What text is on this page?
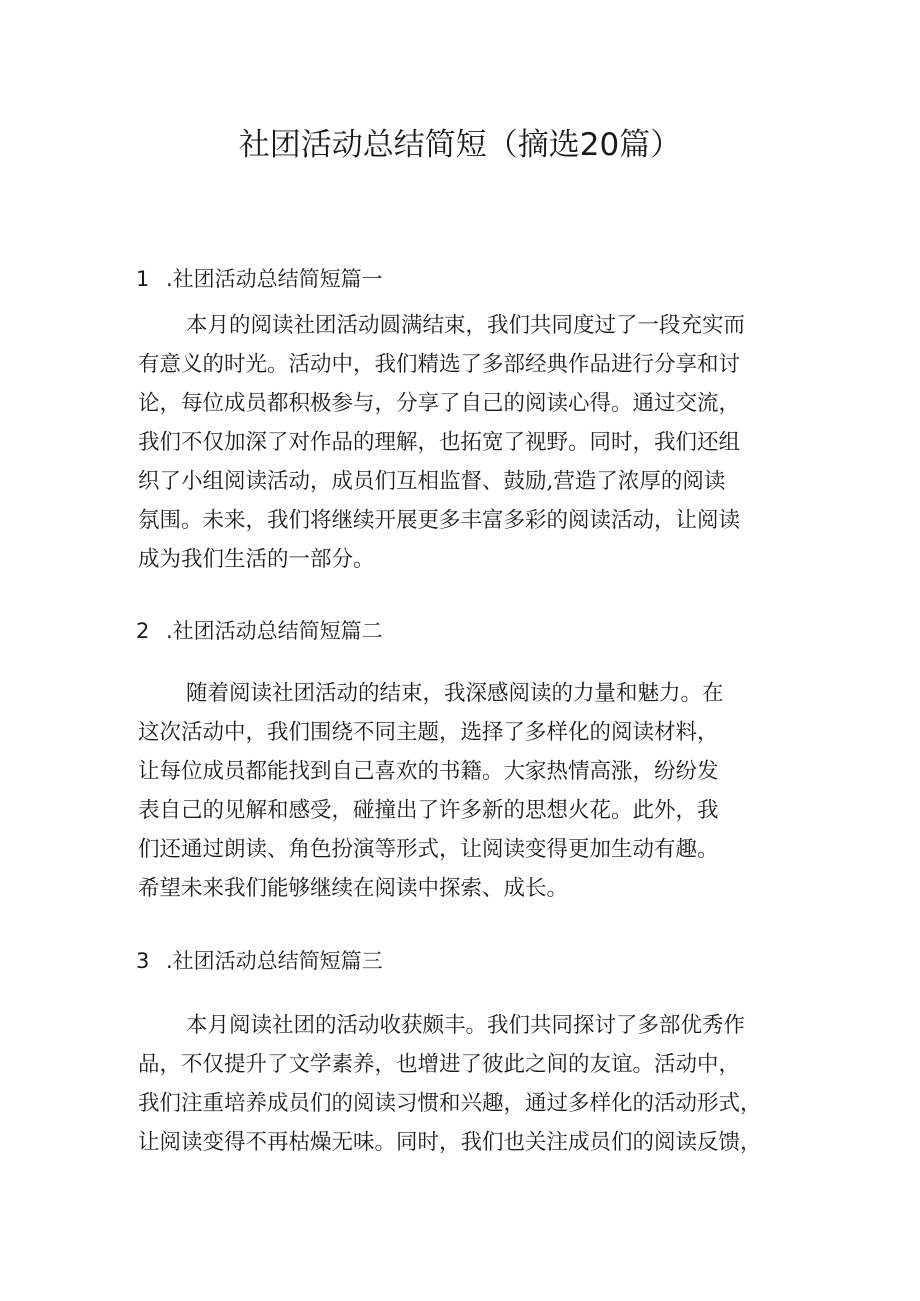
社团活动总结简短（摘选20篇）
1 .社团活动总结简短篇一
本月的阅读社团活动圆满结束，我们共同度过了一段充实而
有意义的时光。活动中，我们精选了多部经典作品进行分享和讨
论，每位成员都积极参与，分享了自己的阅读心得。通过交流，
我们不仅加深了对作品的理解，也拓宽了视野。同时，我们还组
织了小组阅读活动，成员们互相监督、鼓励,营造了浓厚的阅读
氛围。未来，我们将继续开展更多丰富多彩的阅读活动，让阅读
成为我们生活的一部分。
2 .社团活动总结简短篇二
随着阅读社团活动的结束，我深感阅读的力量和魅力。在
这次活动中，我们围绕不同主题，选择了多样化的阅读材料，
让每位成员都能找到自己喜欢的书籍。大家热情高涨，纷纷发
表自己的见解和感受，碰撞出了许多新的思想火花。此外，我
们还通过朗读、角色扮演等形式，让阅读变得更加生动有趣。
希望未来我们能够继续在阅读中探索、成长。
3 .社团活动总结简短篇三
本月阅读社团的活动收获颇丰。我们共同探讨了多部优秀作
品，不仅提升了文学素养，也增进了彼此之间的友谊。活动中，
我们注重培养成员们的阅读习惯和兴趣，通过多样化的活动形式，
让阅读变得不再枯燥无味。同时，我们也关注成员们的阅读反馈，
